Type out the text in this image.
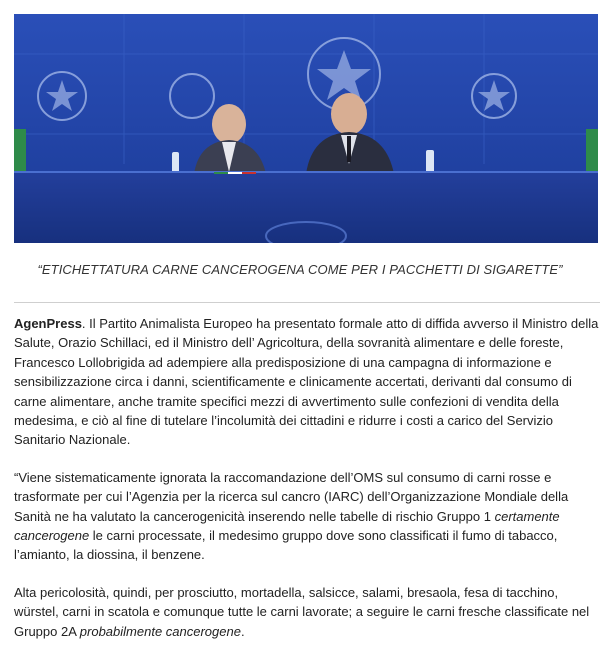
“ETICHETTATURA CARNE CANCEROGENA COME PER I PACCHETTI DI SIGARETTE”

AgenPress. Il Partito Animalista Europeo ha presentato formale atto di diffida avverso il Ministro della Salute, Orazio Schillaci, ed il Ministro dell’ Agricoltura, della sovranità alimentare e delle foreste, Francesco Lollobrigida ad adempiere alla predisposizione di una campagna di informazione e sensibilizzazione circa i danni, scientificamente e clinicamente accertati, derivanti dal consumo di carne alimentare, anche tramite specifici mezzi di avvertimento sulle confezioni di vendita della medesima, e ciò al fine di tutelare l’incolumità dei cittadini e ridurre i costi a carico del Servizio Sanitario Nazionale.

“Viene sistematicamente ignorata la raccomandazione dell’OMS sul consumo di carni rosse e trasformate per cui l’Agenzia per la ricerca sul cancro (IARC) dell’Organizzazione Mondiale della Sanità ne ha valutato la cancerogenicità inserendo nelle tabelle di rischio Gruppo 1 certamente cancerogene le carni processate, il medesimo gruppo dove sono classificati il fumo di tabacco, l’amianto, la diossina, il benzene.

Alta pericolosità, quindi, per prosciutto, mortadella, salsicce, salami, bresaola, fesa di tacchino, würstel, carni in scatola e comunque tutte le carni lavorate; a seguire le carni fresche classificate nel Gruppo 2A probabilmente cancerogene.
